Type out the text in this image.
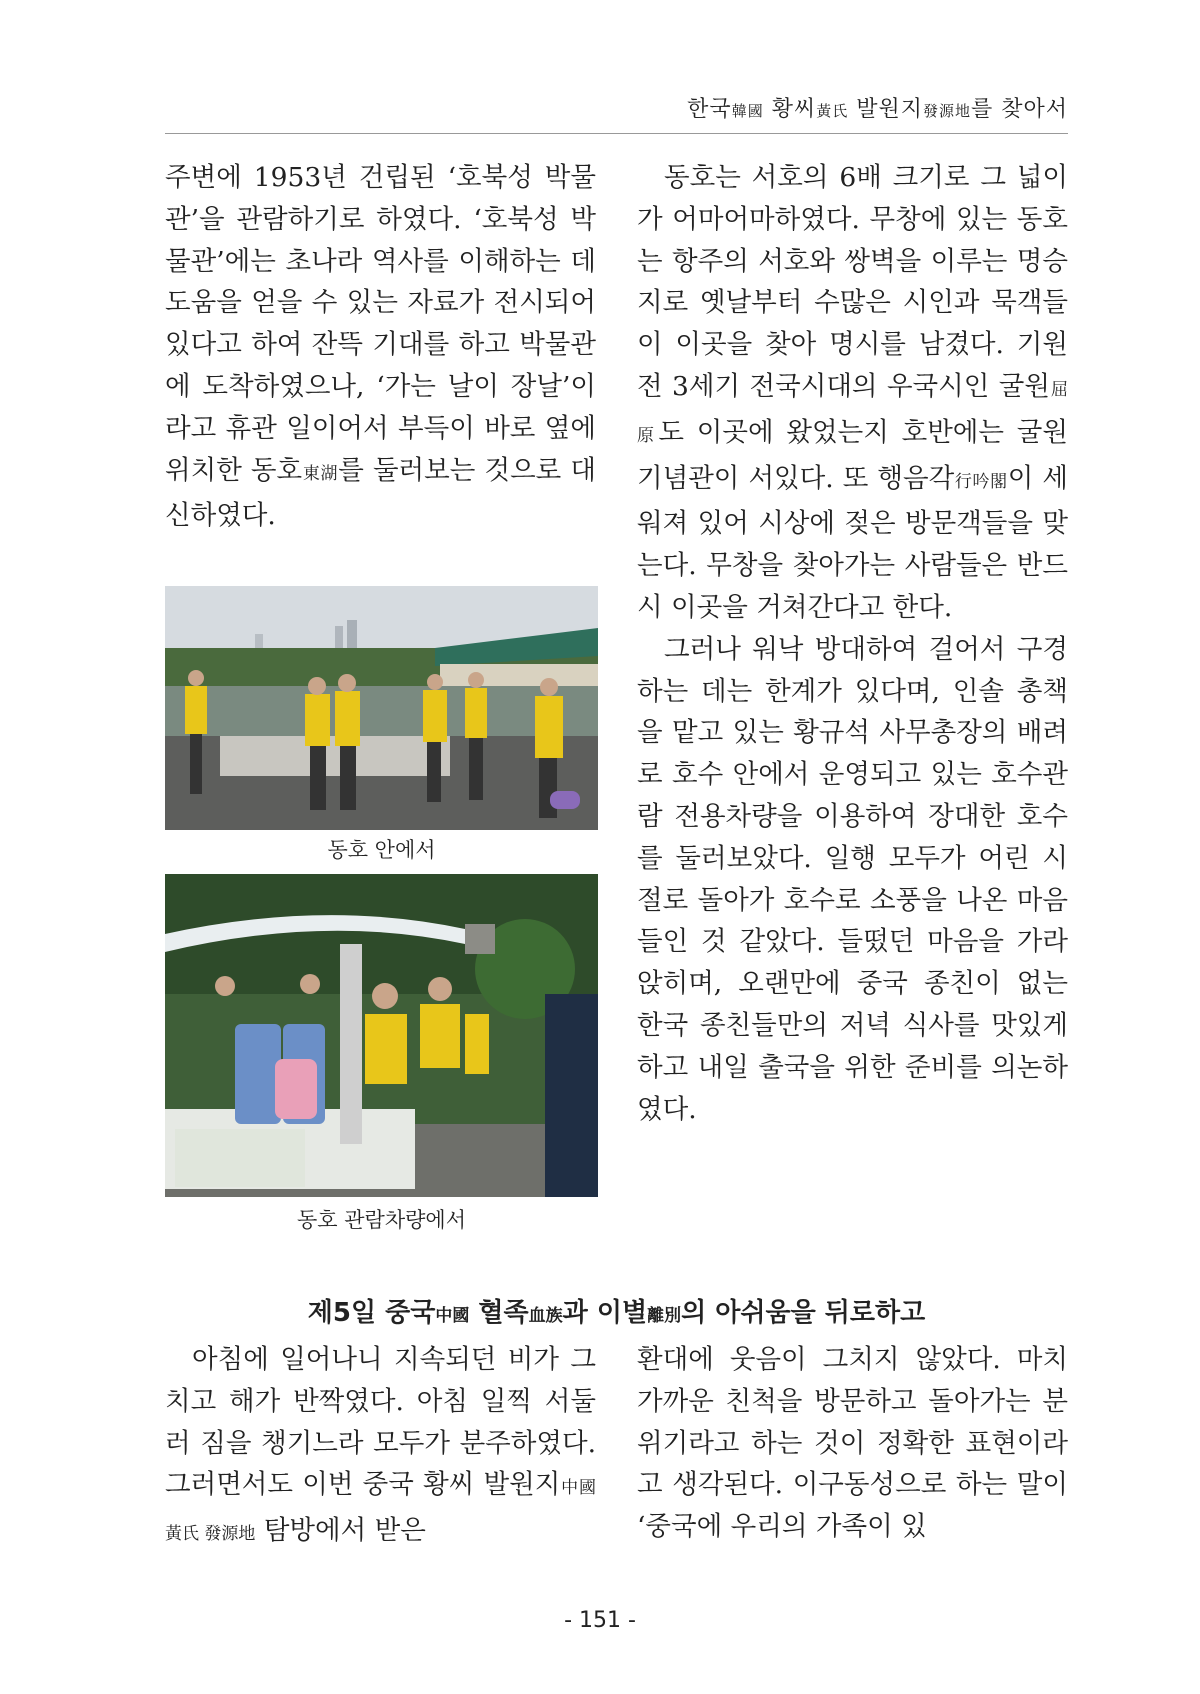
한국韓國 황씨黃氏 발원지發源地를 찾아서

주변에 1953년 건립된 ‘호북성 박물관’을 관람하기로 하였다. ‘호북성 박물관’에는 초나라 역사를 이해하는 데 도움을 얻을 수 있는 자료가 전시되어 있다고 하여 잔뜩 기대를 하고 박물관에 도착하였으나, ‘가는 날이 장날’이라고 휴관 일이어서 부득이 바로 옆에 위치한 동호東湖를 둘러보는 것으로 대신하였다.

동호 안에서
동호 관람차량에서

동호는 서호의 6배 크기로 그 넓이가 어마어마하였다. 무창에 있는 동호는 항주의 서호와 쌍벽을 이루는 명승지로 옛날부터 수많은 시인과 묵객들이 이곳을 찾아 명시를 남겼다. 기원전 3세기 전국시대의 우국시인 굴원屈原도 이곳에 왔었는지 호반에는 굴원 기념관이 서있다. 또 행음각行吟閣이 세워져 있어 시상에 젖은 방문객들을 맞는다. 무창을 찾아가는 사람들은 반드시 이곳을 거쳐간다고 한다.

그러나 워낙 방대하여 걸어서 구경하는 데는 한계가 있다며, 인솔 총책을 맡고 있는 황규석 사무총장의 배려로 호수 안에서 운영되고 있는 호수관람 전용차량을 이용하여 장대한 호수를 둘러보았다. 일행 모두가 어린 시절로 돌아가 호수로 소풍을 나온 마음들인 것 같았다. 들떴던 마음을 가라앉히며, 오랜만에 중국 종친이 없는 한국 종친들만의 저녁 식사를 맛있게 하고 내일 출국을 위한 준비를 의논하였다.

제5일 중국中國 혈족血族과 이별離別의 아쉬움을 뒤로하고

아침에 일어나니 지속되던 비가 그치고 해가 반짝였다. 아침 일찍 서둘러 짐을 챙기느라 모두가 분주하였다. 그러면서도 이번 중국 황씨 발원지中國 黃氏 發源地 탐방에서 받은

환대에 웃음이 그치지 않았다. 마치 가까운 친척을 방문하고 돌아가는 분위기라고 하는 것이 정확한 표현이라고 생각된다. 이구동성으로 하는 말이 ‘중국에 우리의 가족이 있

- 151 -
